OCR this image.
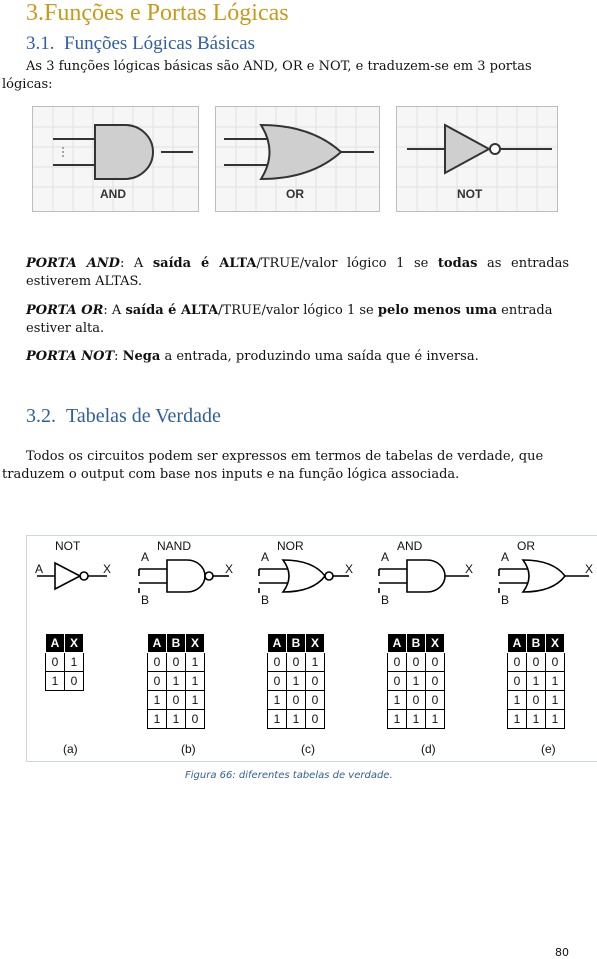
3.Funções e Portas Lógicas
3.1. Funções Lógicas Básicas
As 3 funções lógicas básicas são AND, OR e NOT, e traduzem-se em 3 portas
lógicas:
AND	OR	NOT
PORTA AND: A saída é ALTA/TRUE/valor lógico 1 se todas as entradas
estiverem ALTAS.
PORTA OR: A saída é ALTA/TRUE/valor lógico 1 se pelo menos uma entrada
estiver alta.
PORTA NOT: Nega a entrada, produzindo uma saída que é inversa.
3.2. Tabelas de Verdade
Todos os circuitos podem ser expressos em termos de tabelas de verdade, que
traduzem o output com base nos inputs e na função lógica associada.
NOT
A	X
A	X
0	1
1	0
(a)
NAND
A
B
X
A	B	X
0	0	1
0	1	1
1	0	1
1	1	0
(b)
NOR
A
B
X
A	B	X
0	0	1
0	1	0
1	0	0
1	1	0
(c)
AND
A
B
X
A	B	X
0	0	0
0	1	0
1	0	0
1	1	1
(d)
OR
A
B
X
A	B	X
0	0	0
0	1	1
1	0	1
1	1	1
(e)
Figura 66: diferentes tabelas de verdade.
80
